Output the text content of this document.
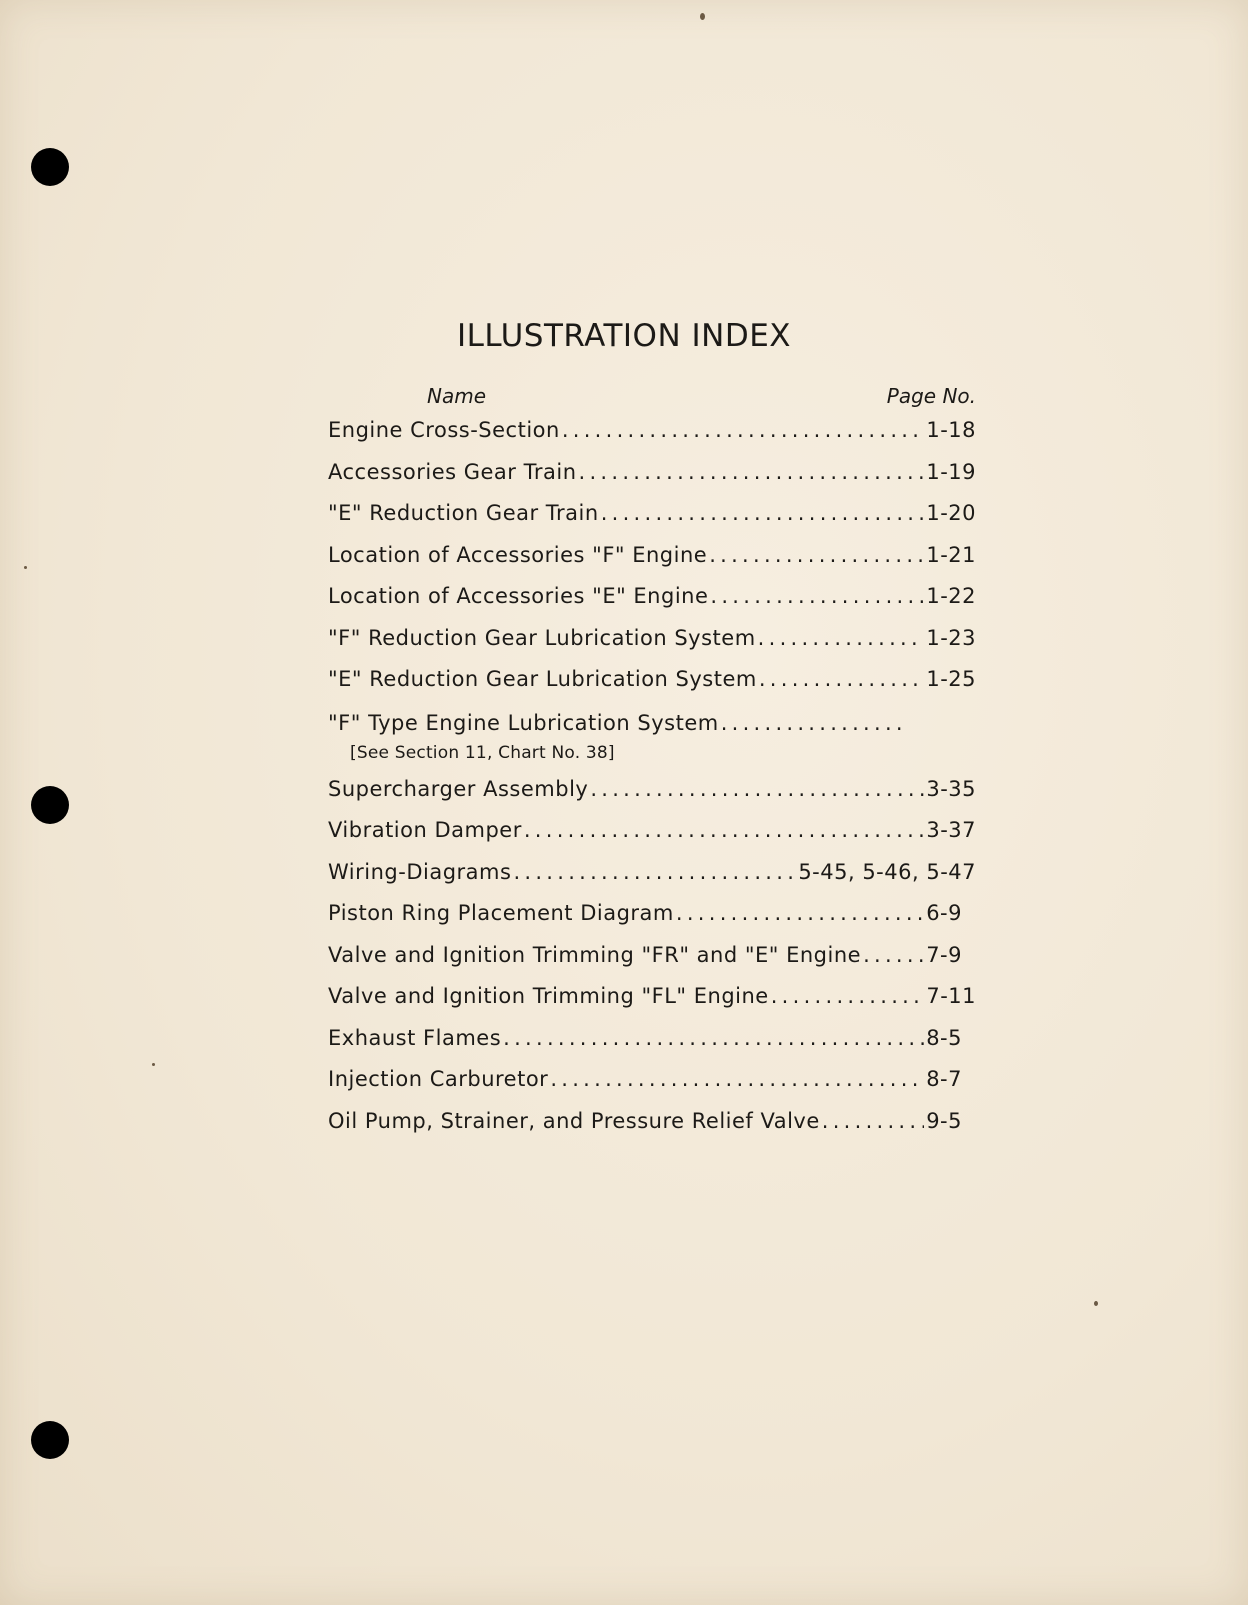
ILLUSTRATION INDEX
Name	Page No.
Engine Cross-Section . . .	1-18
Accessories Gear Train . . .	1-19
"E" Reduction Gear Train . . .	1-20
Location of Accessories "F" Engine . . .	1-21
Location of Accessories "E" Engine . . .	1-22
"F" Reduction Gear Lubrication System . . .	1-23
"E" Reduction Gear Lubrication System . . .	1-25
"F" Type Engine Lubrication System
. . .
[See Section 11, Chart No. 38]
Supercharger Assembly . . .	3-35
Vibration Damper . . .	3-37
Wiring-Diagrams . . .	5-45, 5-46, 5-47
Piston Ring Placement Diagram . . .	6-9
Valve and Ignition Trimming "FR" and "E" Engine . . .	7-9
Valve and Ignition Trimming "FL" Engine . . .	7-11
Exhaust Flames . . .	8-5
Injection Carburetor . . .	8-7
Oil Pump, Strainer, and Pressure Relief Valve . . .	9-5
